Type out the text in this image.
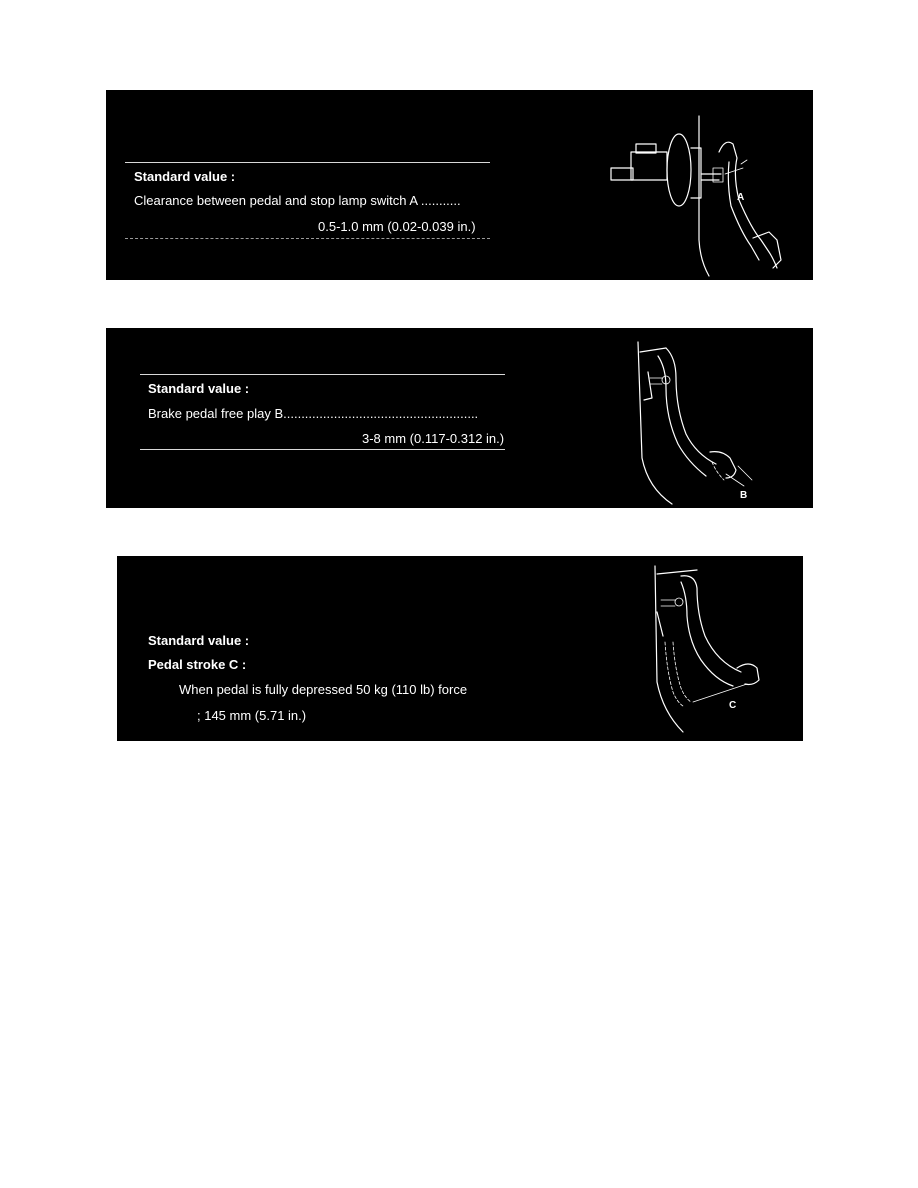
Standard value :
Clearance between pedal and stop lamp switch A ...........
0.5-1.0 mm (0.02-0.039 in.)
A
Standard value :
Brake pedal free play B......................................................
3-8 mm (0.117-0.312 in.)
B
Standard value :
Pedal stroke C :
When pedal is fully depressed 50 kg (110 lb) force
; 145 mm (5.71 in.)
C
